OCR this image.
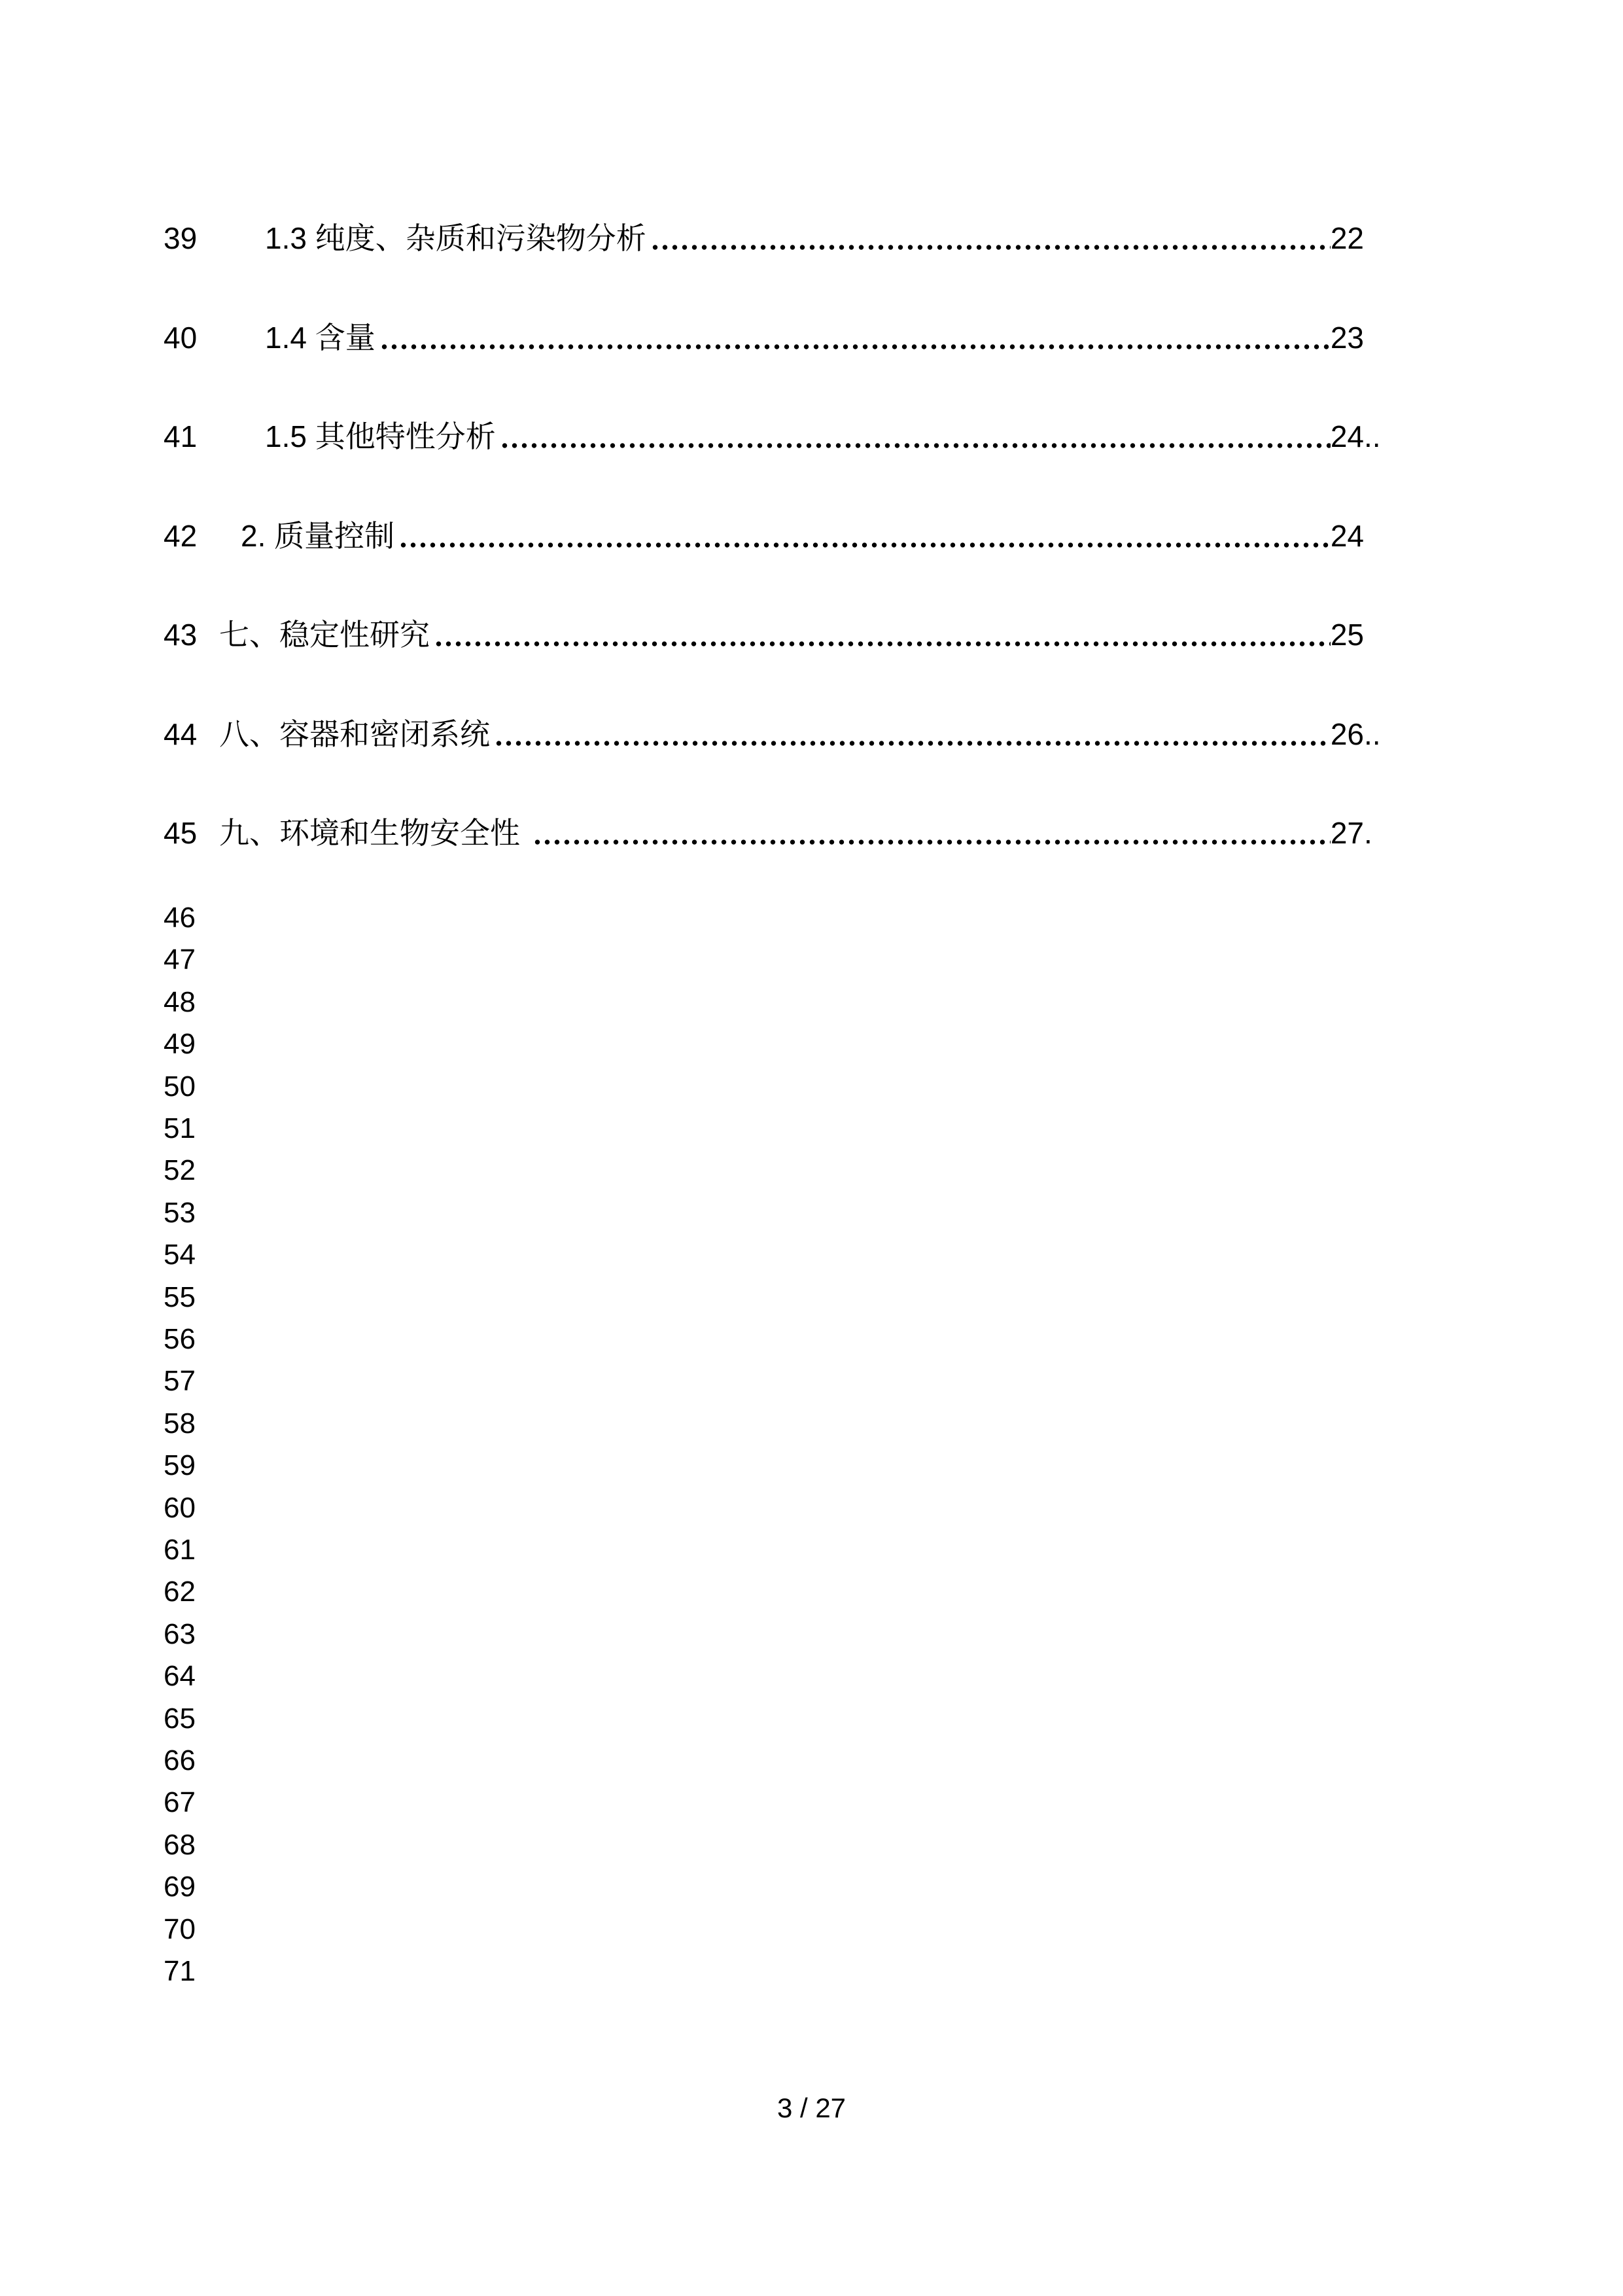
39 1.3 纯度、杂质和污染物分析	22
40 1.4 含量	23
41 1.5 其他特性分析	24 ..
42 2. 质量控制	24
43 七、稳定性研究	25
44 八、容器和密闭系统	26 ..
45 九、环境和生物安全性	27 .
46
47
48
49
50
51
52
53
54
55
56
57
58
59
60
61
62
63
64
65
66
67
68
69
70
71
3 / 27
